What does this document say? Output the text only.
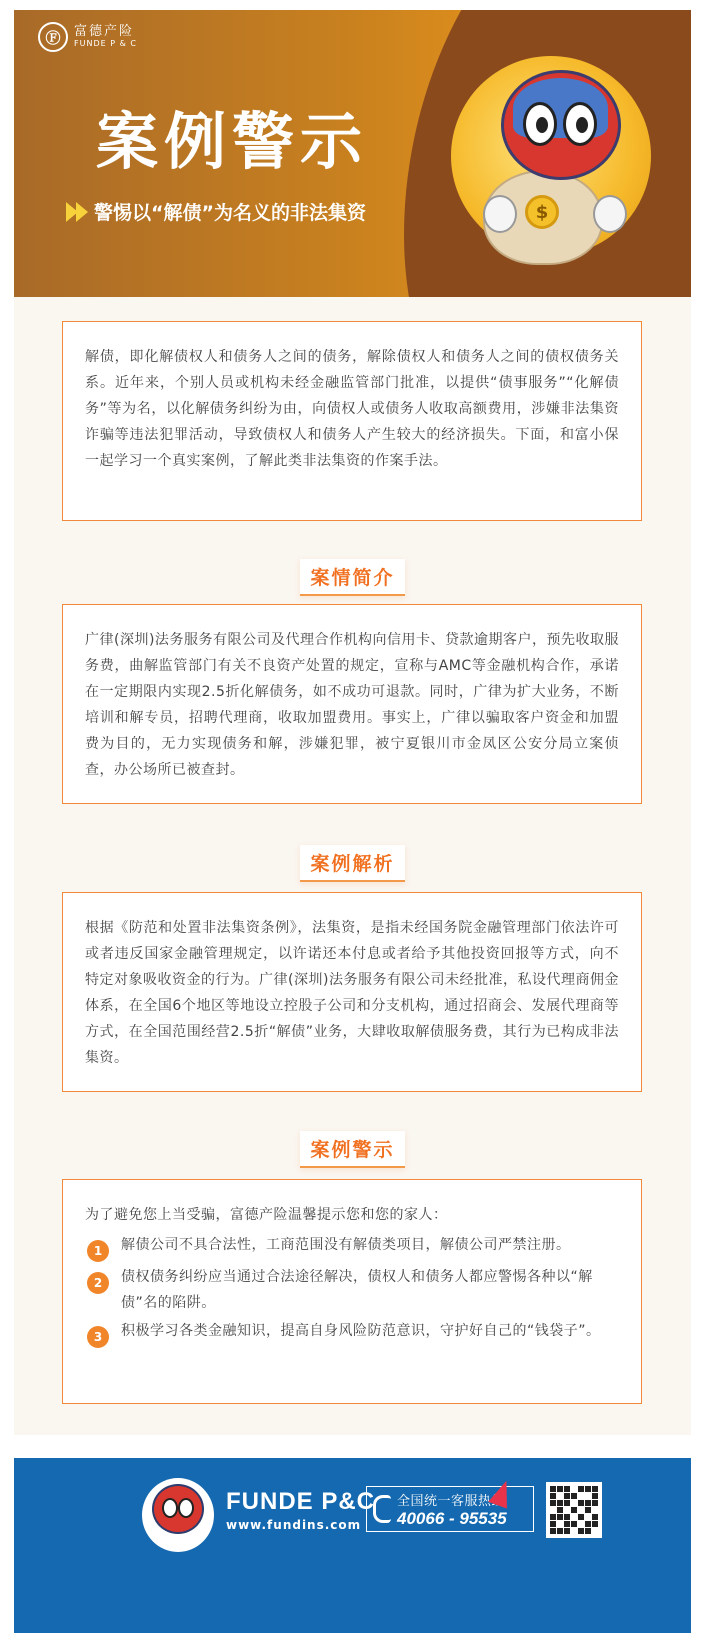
Ⓕ	富德产险
FUNDE P & C
案例警示
警惕以“解债”为名义的非法集资	$

解债，即化解债权人和债务人之间的债务，解除债权人和债务人之间的债权债务关系。近年来，个别人员或机构未经金融监管部门批准，以提供“债事服务”“化解债务”等为名，以化解债务纠纷为由，向债权人或债务人收取高额费用，涉嫌非法集资诈骗等违法犯罪活动，导致债权人和债务人产生较大的经济损失。下面，和富小保一起学习一个真实案例，了解此类非法集资的作案手法。

案情简介

广律(深圳)法务服务有限公司及代理合作机构向信用卡、贷款逾期客户，预先收取服务费，曲解监管部门有关不良资产处置的规定，宣称与AMC等金融机构合作，承诺在一定期限内实现2.5折化解债务，如不成功可退款。同时，广律为扩大业务，不断培训和解专员，招聘代理商，收取加盟费用。事实上，广律以骗取客户资金和加盟费为目的，无力实现债务和解，涉嫌犯罪，被宁夏银川市金凤区公安分局立案侦查，办公场所已被查封。

案例解析

根据《防范和处置非法集资条例》，法集资，是指未经国务院金融管理部门依法许可或者违反国家金融管理规定，以许诺还本付息或者给予其他投资回报等方式，向不特定对象吸收资金的行为。广律(深圳)法务服务有限公司未经批准，私设代理商佣金体系，在全国6个地区等地设立控股子公司和分支机构，通过招商会、发展代理商等方式，在全国范围经营2.5折“解债”业务，大肆收取解债服务费，其行为已构成非法集资。

案例警示

为了避免您上当受骗，富德产险温馨提示您和您的家人：

1	解债公司不具合法性，工商范围没有解债类项目，解债公司严禁注册。
2	债权债务纠纷应当通过合法途径解决，债权人和债务人都应警惕各种以“解债”名的陷阱。
3	积极学习各类金融知识，提高自身风险防范意识，守护好自己的“钱袋子”。
FUNDE P&C
www.fundins.com
全国统一客服热线
40066 - 95535
